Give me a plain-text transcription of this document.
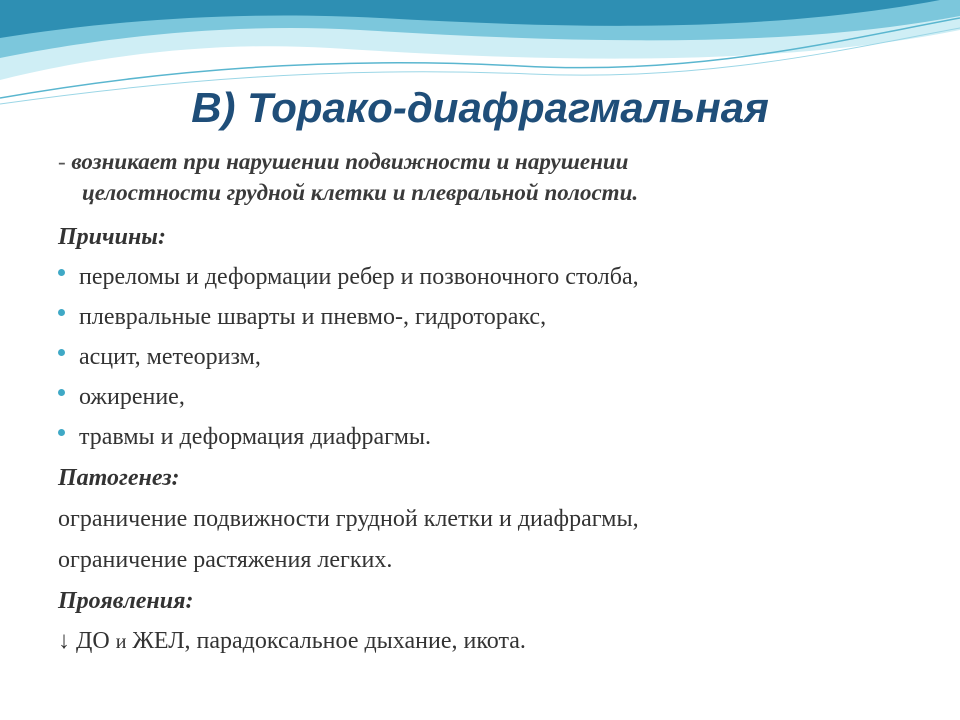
В) Торако-диафрагмальная
- возникает при нарушении подвижности и нарушении
целостности грудной клетки и плевральной полости.
Причины:
переломы и деформации ребер и позвоночного столба,
плевральные шварты и пневмо-, гидроторакс,
асцит, метеоризм,
ожирение,
травмы и деформация диафрагмы.
Патогенез:
ограничение подвижности грудной клетки и диафрагмы,
ограничение растяжения легких.
Проявления:
↓ ДО и ЖЕЛ, парадоксальное дыхание, икота.
